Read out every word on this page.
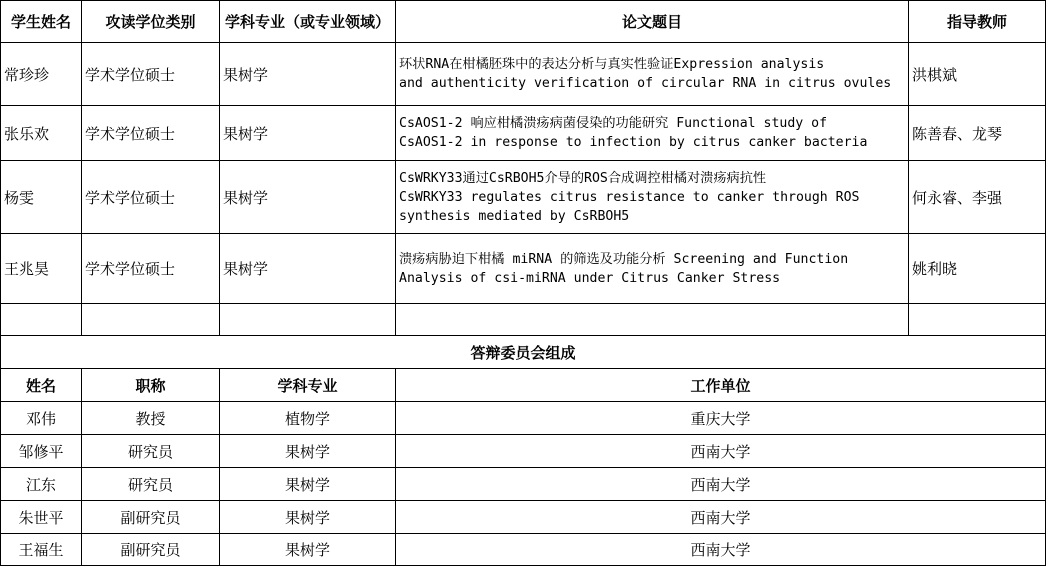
学生姓名	攻读学位类别	学科专业（或专业领域）	论文题目	指导教师
常珍珍	学术学位硕士	果树学	环状RNA在柑橘胚珠中的表达分析与真实性验证Expression analysis
and authenticity verification of circular RNA in citrus ovules	洪棋斌
张乐欢	学术学位硕士	果树学	CsAOS1-2 响应柑橘溃疡病菌侵染的功能研究 Functional study of
CsAOS1-2 in response to infection by citrus canker bacteria	陈善春、龙琴
杨雯	学术学位硕士	果树学	CsWRKY33通过CsRBOH5介导的ROS合成调控柑橘对溃疡病抗性
CsWRKY33 regulates citrus resistance to canker through ROS
synthesis mediated by CsRBOH5	何永睿、李强
王兆昊	学术学位硕士	果树学	溃疡病胁迫下柑橘 miRNA 的筛选及功能分析 Screening and Function
Analysis of csi-miRNA under Citrus Canker Stress	姚利晓

答辩委员会组成				
姓名	职称	学科专业	工作单位	
邓伟	教授	植物学	重庆大学	
邹修平	研究员	果树学	西南大学	
江东	研究员	果树学	西南大学	
朱世平	副研究员	果树学	西南大学	
王福生	副研究员	果树学	西南大学	
